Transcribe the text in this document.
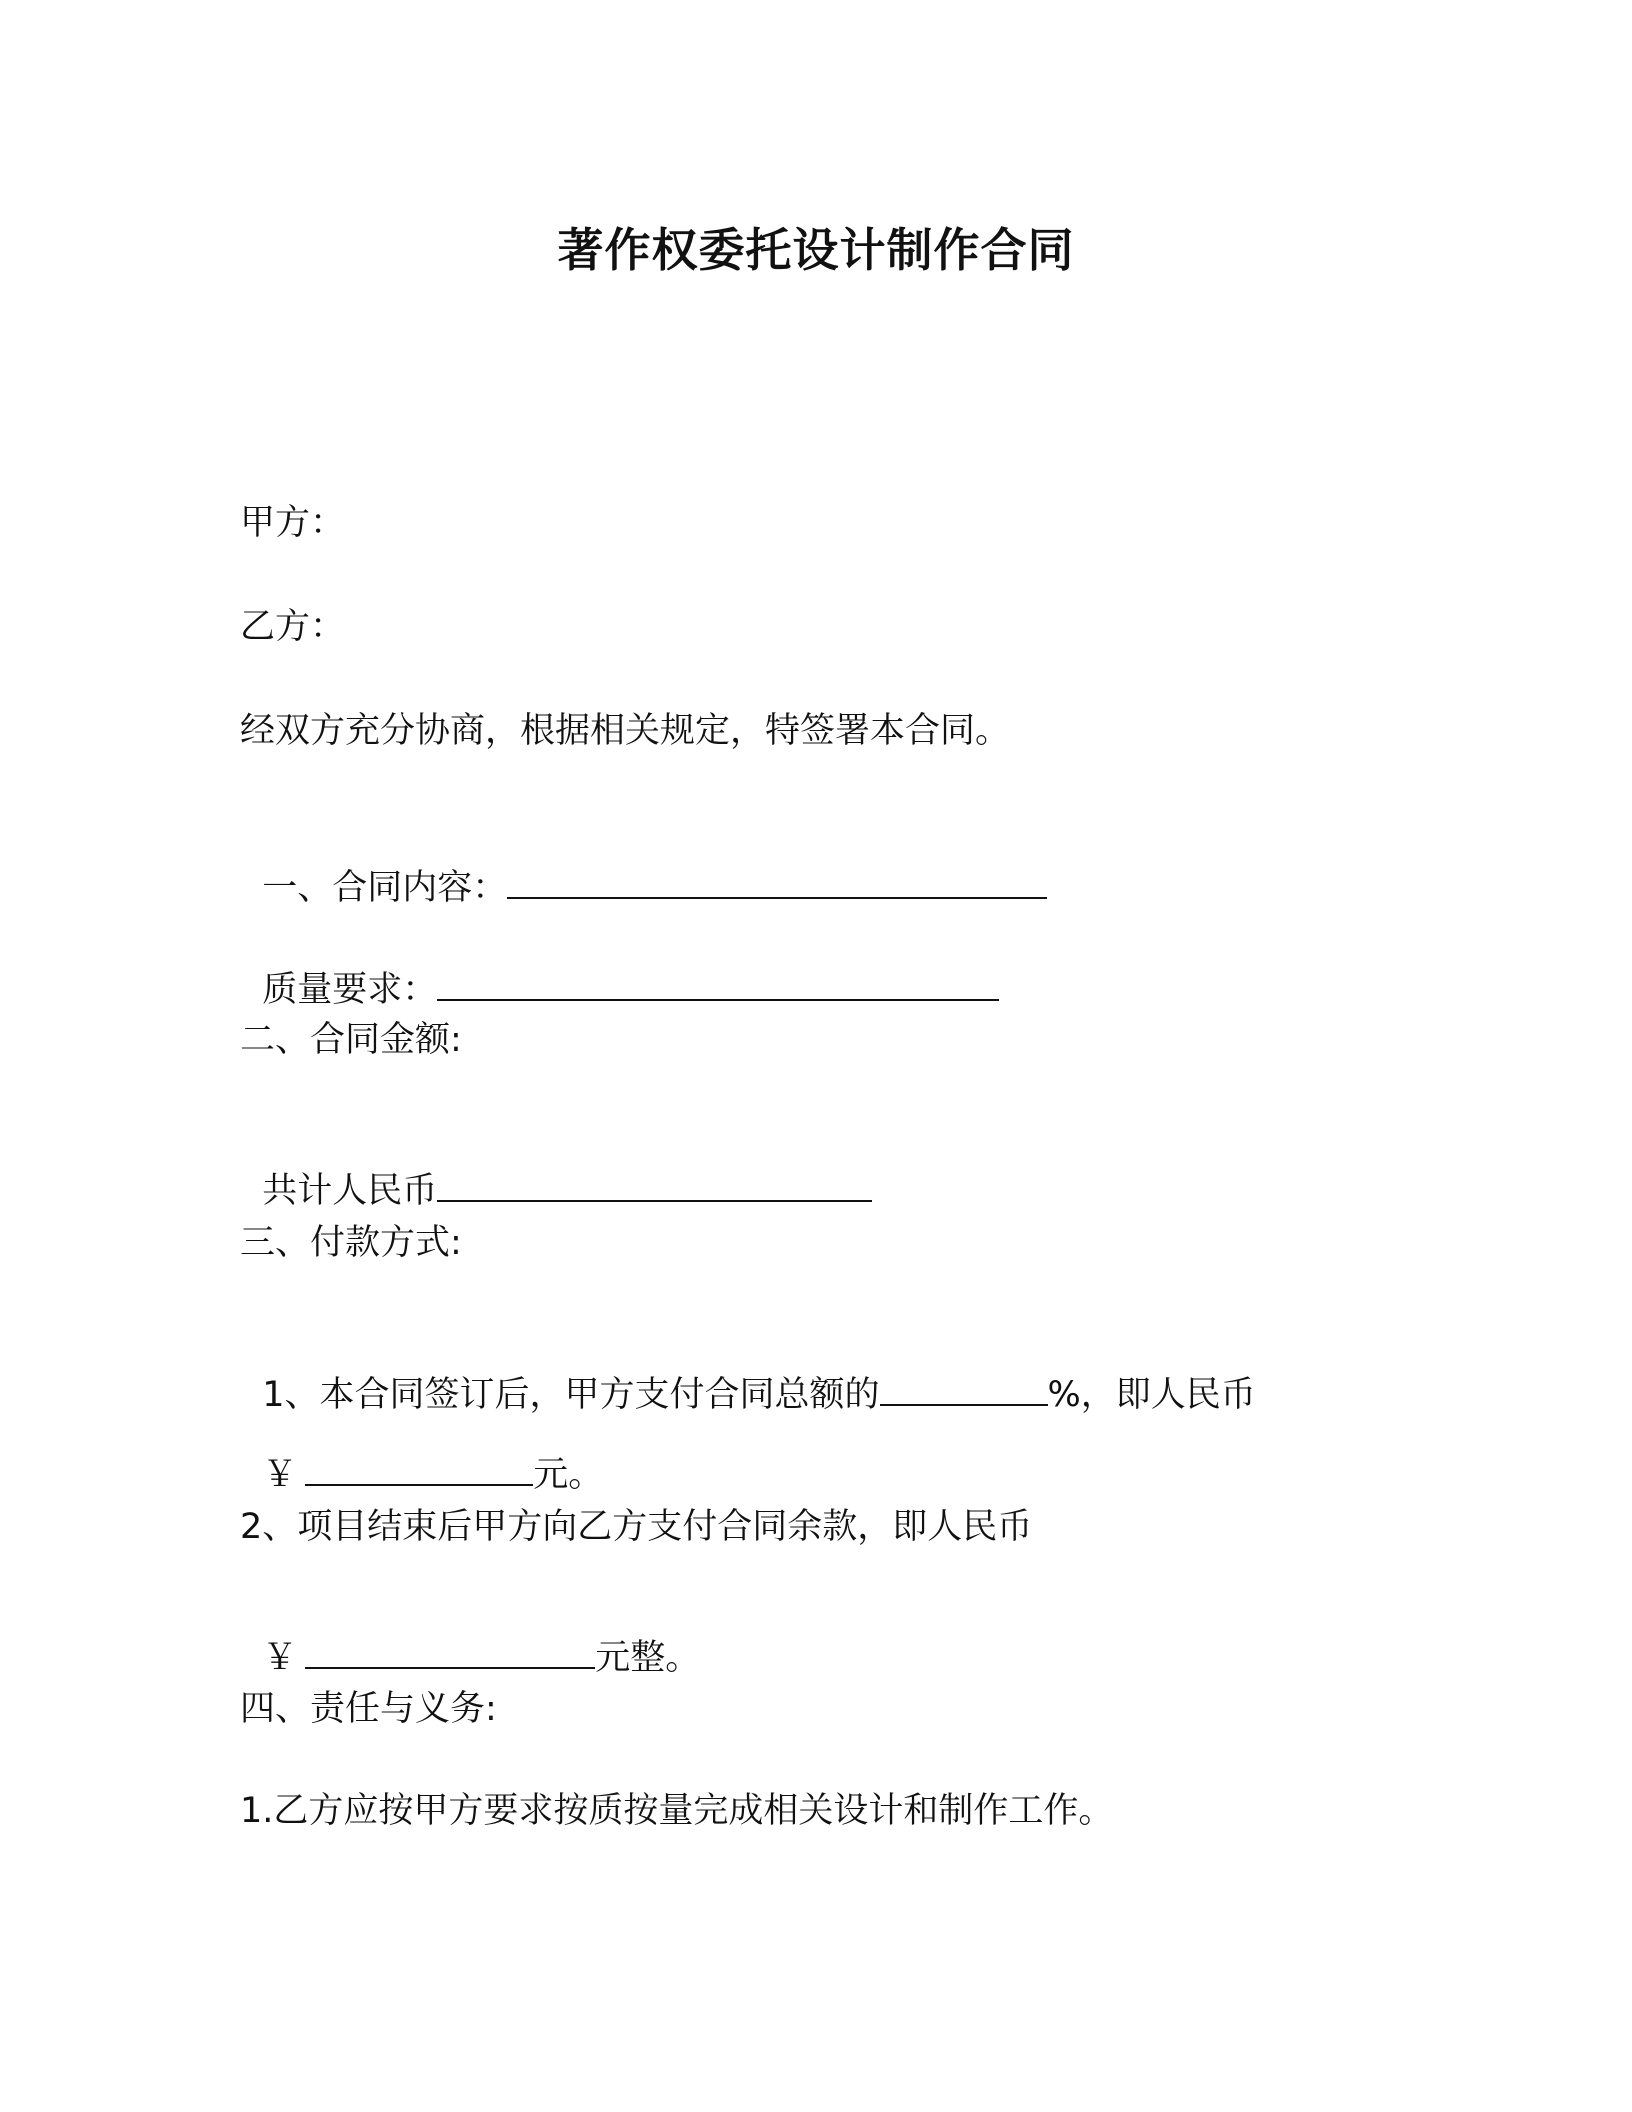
著作权委托设计制作合同
甲方：
乙方：
经双方充分协商，根据相关规定，特签署本合同。

一、合同内容：

质量要求：

二、合同金额:

共计人民币

三、付款方式:

1、本合同签订后，甲方支付合同总额的	%，即人民币

￥	元。

2、项目结束后甲方向乙方支付合同余款，即人民币

￥	元整。

四、责任与义务:
1.乙方应按甲方要求按质按量完成相关设计和制作工作。
